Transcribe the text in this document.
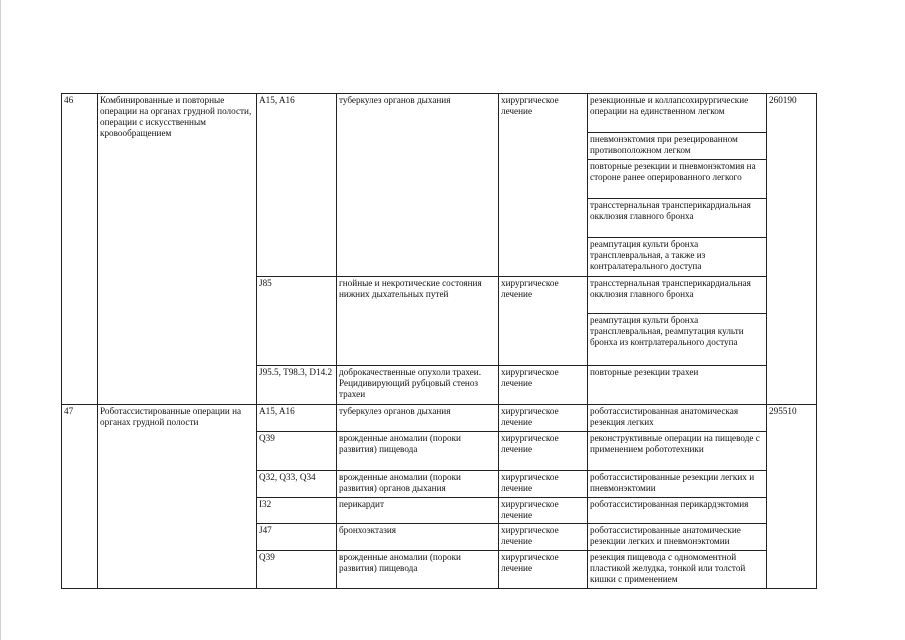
46	Комбинированные и повторные операции на органах грудной полости, операции с искусственным кровообращением	A15, A16	туберкулез органов дыхания	хирургическое лечение	резекционные и коллапсохирургические операции на единственном легком	260190
					пневмонэктомия при резецированном противоположном легком	
					повторные резекции и пневмонэктомия на стороне ранее оперированного легкого	
					трансстернальная трансперикардиальная окклюзия главного бронха	
					реампутация культи бронха трансплевральная, а также из контралатерального доступа	
		J85	гнойные и некротические состояния нижних дыхательных путей	хирургическое лечение	трансстернальная трансперикардиальная окклюзия главного бронха	
					реампутация культи бронха трансплевральная, реампутация культи бронха из контрлатерального доступа	
		J95.5, T98.3, D14.2	доброкачественные опухоли трахеи. Рецидивирующий рубцовый стеноз трахеи	хирургическое лечение	повторные резекции трахеи	
47	Роботассистированные операции на органах грудной полости	A15, A16	туберкулез органов дыхания	хирургическое лечение	роботассистированная анатомическая резекция легких	295510
		Q39	врожденные аномалии (пороки развития) пищевода	хирургическое лечение	реконструктивные операции на пищеводе с применением робототехники	
		Q32, Q33, Q34	врожденные аномалии (пороки развития) органов дыхания	хирургическое лечение	роботассистированные резекции легких и пневмонэктомии	
		I32	перикардит	хирургическое лечение	роботассистированная перикардэктомия	
		J47	бронхоэктазия	хирургическое лечение	роботассистированные анатомические резекции легких и пневмонэктомии	
		Q39	врожденные аномалии (пороки развития) пищевода	хирургическое лечение	резекция пищевода с одномоментной пластикой желудка, тонкой или толстой кишки с применением	
